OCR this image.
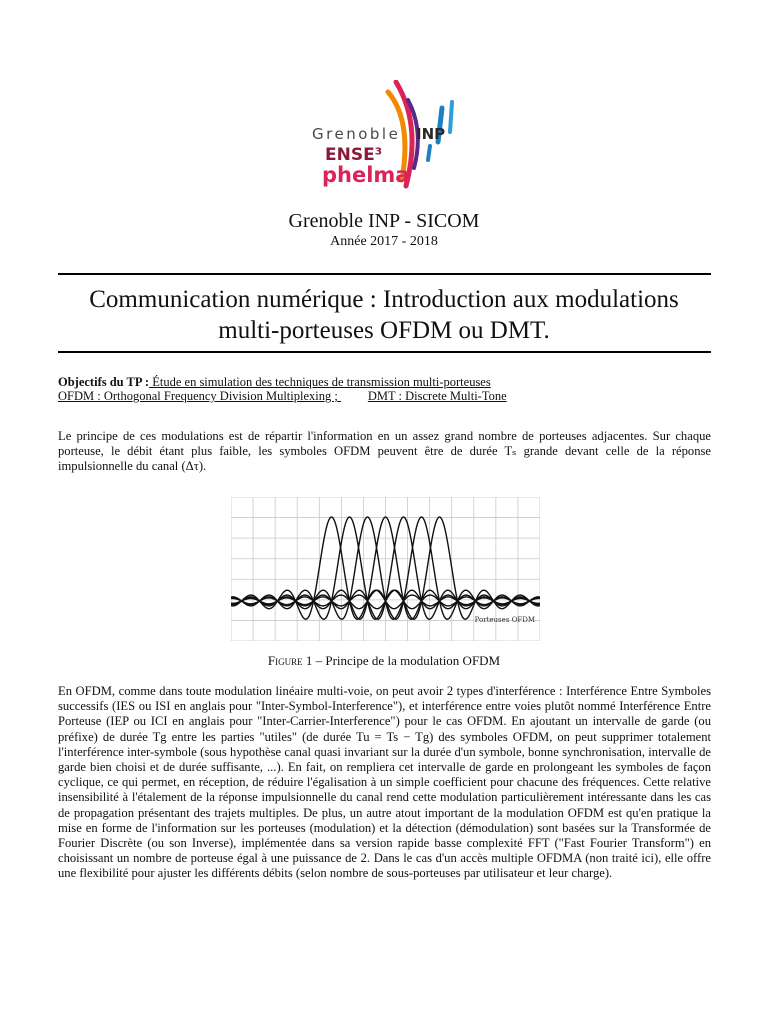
Grenoble INP
ENSE³
phelma
Grenoble INP - SICOM
Année 2017 - 2018
Communication numérique : Introduction aux modulations
multi-porteuses OFDM ou DMT.
Objectifs du TP : Étude en simulation des techniques de transmission multi-porteuses
OFDM : Orthogonal Frequency Division Multiplexing ; DMT : Discrete Multi-Tone

Le principe de ces modulations est de répartir l'information en un assez grand nombre de porteuses adjacentes. Sur chaque porteuse, le débit étant plus faible, les symboles OFDM peuvent être de durée Tₛ grande devant celle de la réponse impulsionnelle du canal (Δτ).

Porteuses OFDM
Figure 1 – Principe de la modulation OFDM

En OFDM, comme dans toute modulation linéaire multi-voie, on peut avoir 2 types d'interférence : Interférence Entre Symboles successifs (IES ou ISI en anglais pour "Inter-Symbol-Interference"), et interférence entre voies plutôt nommé Interférence Entre Porteuse (IEP ou ICI en anglais pour "Inter-Carrier-Interference") pour le cas OFDM. En ajoutant un intervalle de garde (ou préfixe) de durée Tg entre les parties "utiles" (de durée Tu = Ts − Tg) des symboles OFDM, on peut supprimer totalement l'interférence inter-symbole (sous hypothèse canal quasi invariant sur la durée d'un symbole, bonne synchronisation, intervalle de garde bien choisi et de durée suffisante, ...). En fait, on rempliera cet intervalle de garde en prolongeant les symboles de façon cyclique, ce qui permet, en réception, de réduire l'égalisation à un simple coefficient pour chacune des fréquences. Cette relative insensibilité à l'étalement de la réponse impulsionnelle du canal rend cette modulation particulièrement intéressante dans les cas de propagation présentant des trajets multiples. De plus, un autre atout important de la modulation OFDM est qu'en pratique la mise en forme de l'information sur les porteuses (modulation) et la détection (démodulation) sont basées sur la Transformée de Fourier Discrète (ou son Inverse), implémentée dans sa version rapide basse complexité FFT ("Fast Fourier Transform") en choisissant un nombre de porteuse égal à une puissance de 2. Dans le cas d'un accès multiple OFDMA (non traité ici), elle offre une flexibilité pour ajuster les différents débits (selon nombre de sous-porteuses par utilisateur et leur charge).
